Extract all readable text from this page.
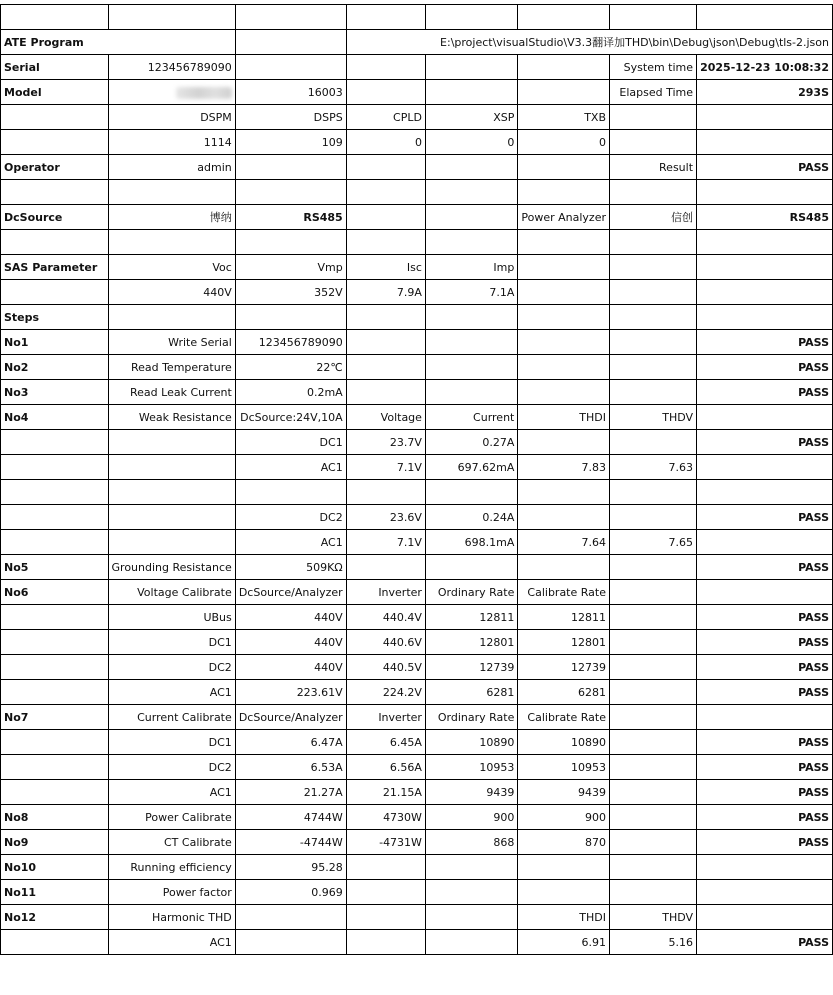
ATE Program			E:\project\visualStudio\V3.3翻译加THD\bin\Debug\json\Debug\tls-2.json				
Serial	123456789090					System time	2025-12-23 10:08:32
Model		16003				Elapsed Time	293S
	DSPM	DSPS	CPLD	XSP	TXB		
	1114	109	0	0	0		
Operator	admin					Result	PASS

DcSource	博纳	RS485			Power Analyzer	信创	RS485

SAS Parameter	Voc	Vmp	Isc	Imp			
	440V	352V	7.9A	7.1A			
Steps							
No1	Write Serial	123456789090					PASS
No2	Read Temperature	22℃					PASS
No3	Read Leak Current	0.2mA					PASS
No4	Weak Resistance	DcSource:24V,10A	Voltage	Current	THDI	THDV	
		DC1	23.7V	0.27A			PASS
		AC1	7.1V	697.62mA	7.83	7.63	

		DC2	23.6V	0.24A			PASS
		AC1	7.1V	698.1mA	7.64	7.65	
No5	Grounding Resistance	509KΩ					PASS
No6	Voltage Calibrate	DcSource/Analyzer	Inverter	Ordinary Rate	Calibrate Rate		
	UBus	440V	440.4V	12811	12811		PASS
	DC1	440V	440.6V	12801	12801		PASS
	DC2	440V	440.5V	12739	12739		PASS
	AC1	223.61V	224.2V	6281	6281		PASS
No7	Current Calibrate	DcSource/Analyzer	Inverter	Ordinary Rate	Calibrate Rate		
	DC1	6.47A	6.45A	10890	10890		PASS
	DC2	6.53A	6.56A	10953	10953		PASS
	AC1	21.27A	21.15A	9439	9439		PASS
No8	Power Calibrate	4744W	4730W	900	900		PASS
No9	CT Calibrate	-4744W	-4731W	868	870		PASS
No10	Running efficiency	95.28					
No11	Power factor	0.969					
No12	Harmonic THD				THDI	THDV	
	AC1				6.91	5.16	PASS
